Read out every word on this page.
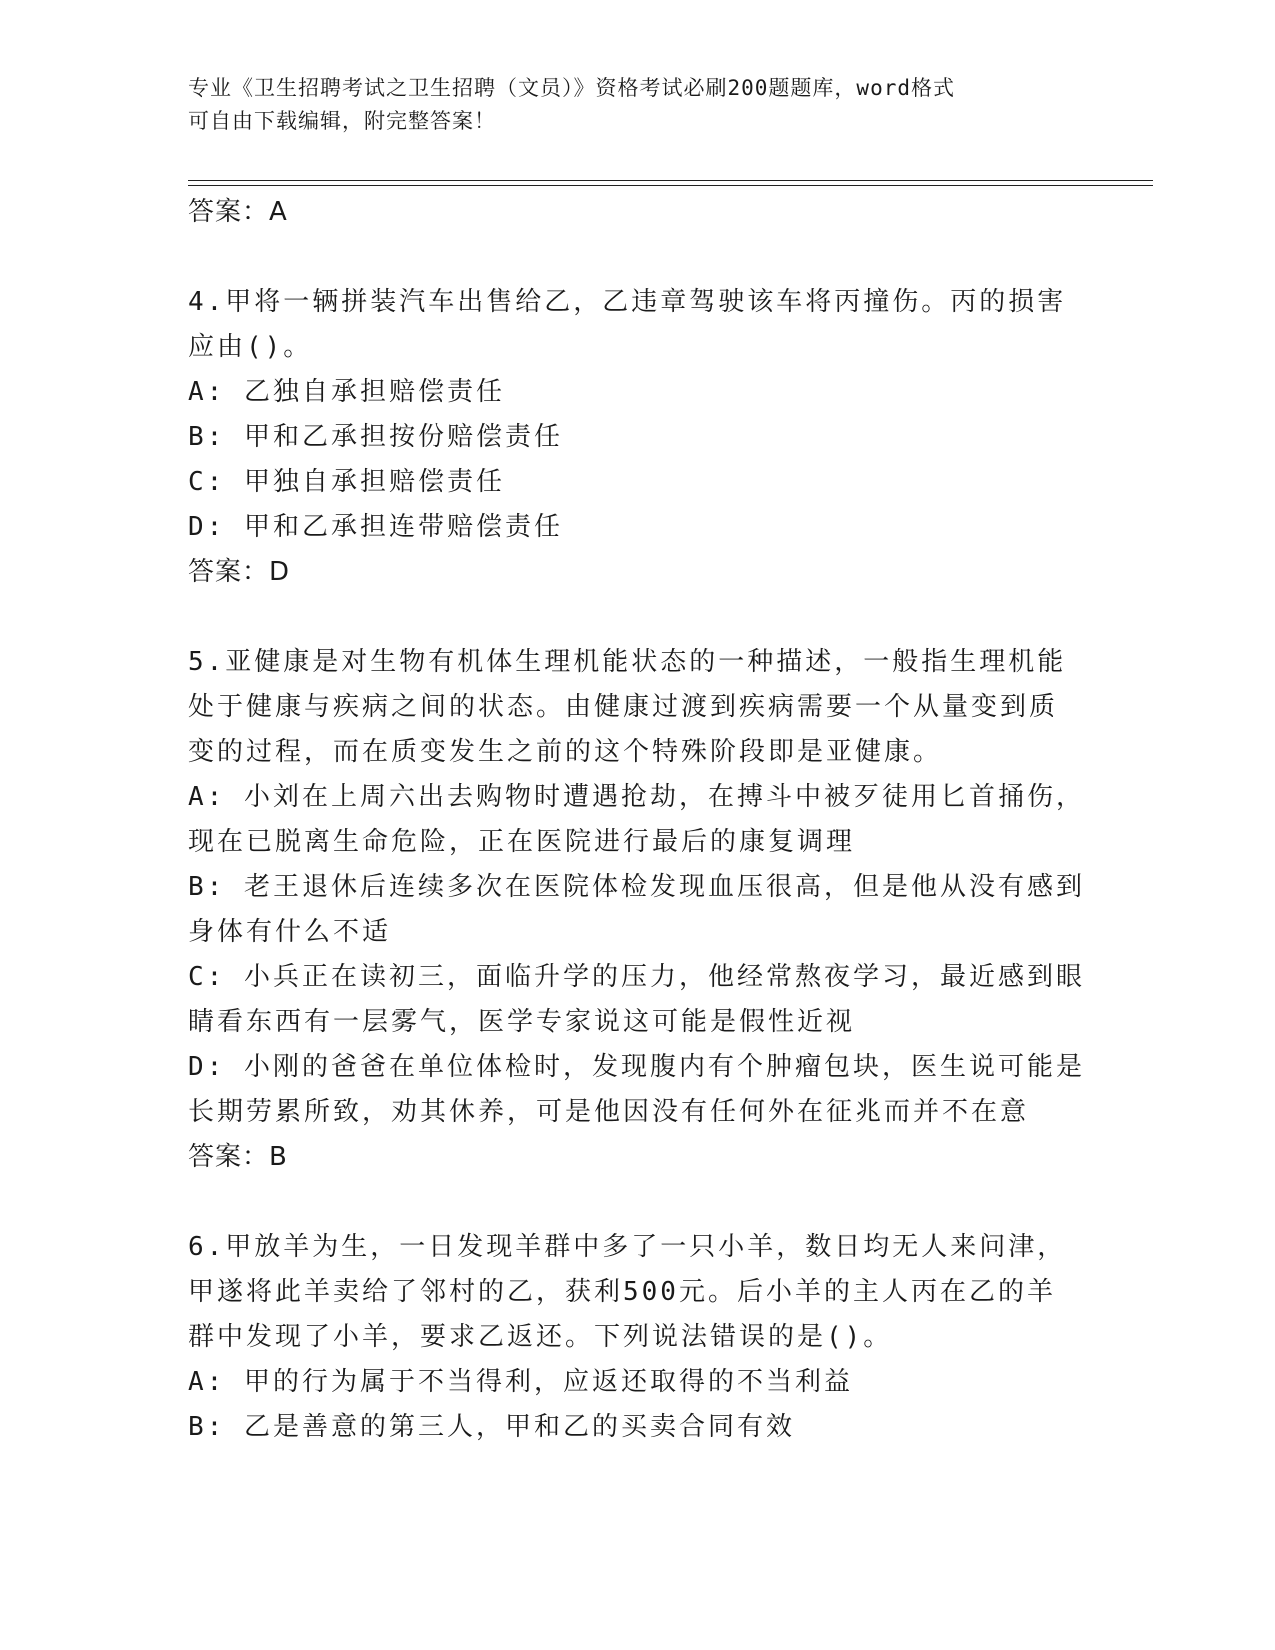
专业《卫生招聘考试之卫生招聘（文员）》资格考试必刷200题题库，word格式
可自由下载编辑，附完整答案！
答案：A
4.甲将一辆拼装汽车出售给乙，乙违章驾驶该车将丙撞伤。丙的损害
应由()。
A: 乙独自承担赔偿责任
B: 甲和乙承担按份赔偿责任
C: 甲独自承担赔偿责任
D: 甲和乙承担连带赔偿责任
答案：D
5.亚健康是对生物有机体生理机能状态的一种描述，一般指生理机能
处于健康与疾病之间的状态。由健康过渡到疾病需要一个从量变到质
变的过程，而在质变发生之前的这个特殊阶段即是亚健康。
A: 小刘在上周六出去购物时遭遇抢劫，在搏斗中被歹徒用匕首捅伤，
现在已脱离生命危险，正在医院进行最后的康复调理
B: 老王退休后连续多次在医院体检发现血压很高，但是他从没有感到
身体有什么不适
C: 小兵正在读初三，面临升学的压力，他经常熬夜学习，最近感到眼
睛看东西有一层雾气，医学专家说这可能是假性近视
D: 小刚的爸爸在单位体检时，发现腹内有个肿瘤包块，医生说可能是
长期劳累所致，劝其休养，可是他因没有任何外在征兆而并不在意
答案：B
6.甲放羊为生，一日发现羊群中多了一只小羊，数日均无人来问津，
甲遂将此羊卖给了邻村的乙，获利500元。后小羊的主人丙在乙的羊
群中发现了小羊，要求乙返还。下列说法错误的是()。
A: 甲的行为属于不当得利，应返还取得的不当利益
B: 乙是善意的第三人，甲和乙的买卖合同有效
